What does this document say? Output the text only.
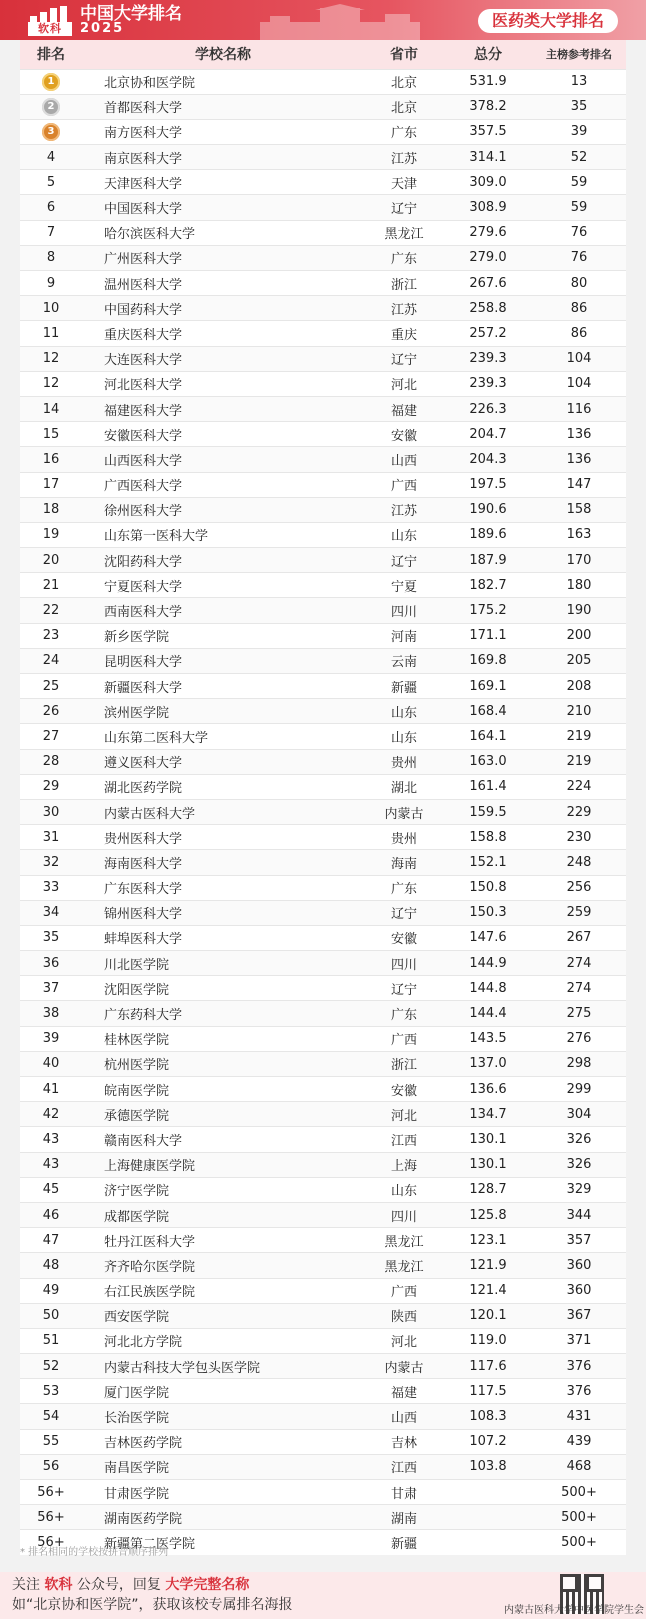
软科
中国大学排名
2025	医药类大学排名
排名	学校名称	省市	总分	主榜参考排名
1	北京协和医学院	北京	531.9	13
2	首都医科大学	北京	378.2	35
3	南方医科大学	广东	357.5	39
4	南京医科大学	江苏	314.1	52
5	天津医科大学	天津	309.0	59
6	中国医科大学	辽宁	308.9	59
7	哈尔滨医科大学	黑龙江	279.6	76
8	广州医科大学	广东	279.0	76
9	温州医科大学	浙江	267.6	80
10	中国药科大学	江苏	258.8	86
11	重庆医科大学	重庆	257.2	86
12	大连医科大学	辽宁	239.3	104
12	河北医科大学	河北	239.3	104
14	福建医科大学	福建	226.3	116
15	安徽医科大学	安徽	204.7	136
16	山西医科大学	山西	204.3	136
17	广西医科大学	广西	197.5	147
18	徐州医科大学	江苏	190.6	158
19	山东第一医科大学	山东	189.6	163
20	沈阳药科大学	辽宁	187.9	170
21	宁夏医科大学	宁夏	182.7	180
22	西南医科大学	四川	175.2	190
23	新乡医学院	河南	171.1	200
24	昆明医科大学	云南	169.8	205
25	新疆医科大学	新疆	169.1	208
26	滨州医学院	山东	168.4	210
27	山东第二医科大学	山东	164.1	219
28	遵义医科大学	贵州	163.0	219
29	湖北医药学院	湖北	161.4	224
30	内蒙古医科大学	内蒙古	159.5	229
31	贵州医科大学	贵州	158.8	230
32	海南医科大学	海南	152.1	248
33	广东医科大学	广东	150.8	256
34	锦州医科大学	辽宁	150.3	259
35	蚌埠医科大学	安徽	147.6	267
36	川北医学院	四川	144.9	274
37	沈阳医学院	辽宁	144.8	274
38	广东药科大学	广东	144.4	275
39	桂林医学院	广西	143.5	276
40	杭州医学院	浙江	137.0	298
41	皖南医学院	安徽	136.6	299
42	承德医学院	河北	134.7	304
43	赣南医科大学	江西	130.1	326
43	上海健康医学院	上海	130.1	326
45	济宁医学院	山东	128.7	329
46	成都医学院	四川	125.8	344
47	牡丹江医科大学	黑龙江	123.1	357
48	齐齐哈尔医学院	黑龙江	121.9	360
49	右江民族医学院	广西	121.4	360
50	西安医学院	陕西	120.1	367
51	河北北方学院	河北	119.0	371
52	内蒙古科技大学包头医学院	内蒙古	117.6	376
53	厦门医学院	福建	117.5	376
54	长治医学院	山西	108.3	431
55	吉林医药学院	吉林	107.2	439
56	南昌医学院	江西	103.8	468
56+	甘肃医学院	甘肃		500+
56+	湖南医药学院	湖南		500+
56+	新疆第二医学院	新疆		500+
* 排名相同的学校按拼音顺序排列
关注 软科 公众号，回复 大学完整名称
如“北京协和医学院”，获取该校专属排名海报	内蒙古医科大学中医学院学生会
